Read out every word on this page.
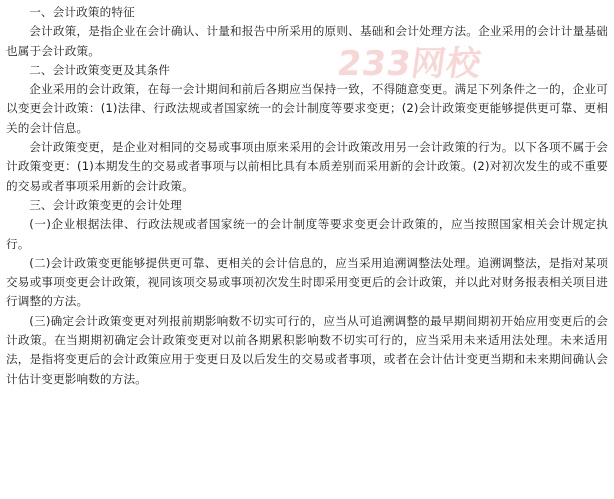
233网校

一、会计政策的特征

会计政策，是指企业在会计确认、计量和报告中所采用的原则、基础和会计处理方法。企业采用的会计计量基础也属于会计政策。

二、会计政策变更及其条件

企业采用的会计政策，在每一会计期间和前后各期应当保持一致，不得随意变更。满足下列条件之一的，企业可以变更会计政策：(1)法律、行政法规或者国家统一的会计制度等要求变更；(2)会计政策变更能够提供更可靠、更相关的会计信息。

会计政策变更，是企业对相同的交易或事项由原来采用的会计政策改用另一会计政策的行为。以下各项不属于会计政策变更：(1)本期发生的交易或者事项与以前相比具有本质差别而采用新的会计政策。(2)对初次发生的或不重要的交易或者事项采用新的会计政策。

三、会计政策变更的会计处理

(一)企业根据法律、行政法规或者国家统一的会计制度等要求变更会计政策的，应当按照国家相关会计规定执行。

(二)会计政策变更能够提供更可靠、更相关的会计信息的，应当采用追溯调整法处理。追溯调整法，是指对某项交易或事项变更会计政策，视同该项交易或事项初次发生时即采用变更后的会计政策，并以此对财务报表相关项目进行调整的方法。

(三)确定会计政策变更对列报前期影响数不切实可行的，应当从可追溯调整的最早期间期初开始应用变更后的会计政策。在当期期初确定会计政策变更对以前各期累积影响数不切实可行的，应当采用未来适用法处理。未来适用法，是指将变更后的会计政策应用于变更日及以后发生的交易或者事项，或者在会计估计变更当期和未来期间确认会计估计变更影响数的方法。
